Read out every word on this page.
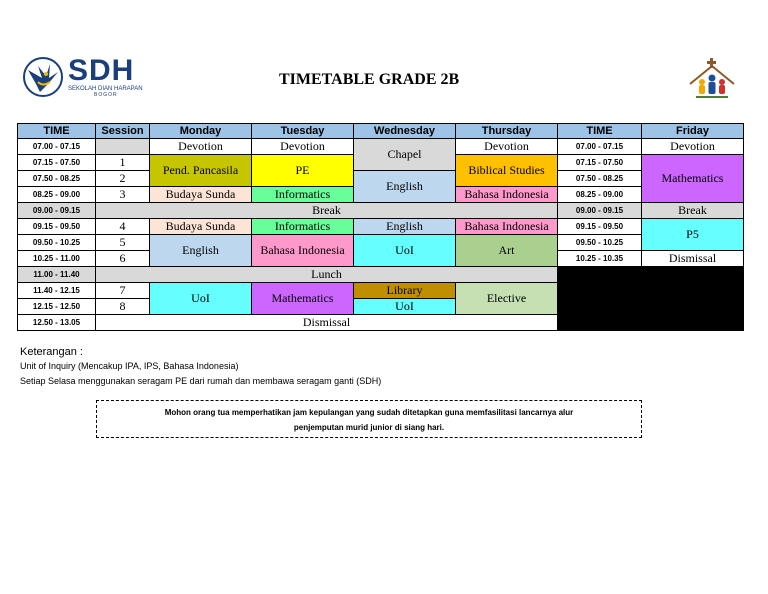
SDH
SEKOLAH DIAN HARAPAN
BOGOR
TIMETABLE GRADE 2B
TIME	Session	Monday	Tuesday	Wednesday	Thursday	TIME	Friday
07.00 - 07.15		Devotion	Devotion	Chapel	Devotion	07.00 - 07.15	Devotion
07.15 - 07.50	1	Pend. Pancasila	PE		Biblical Studies	07.15 - 07.50	Mathematics
07.50 - 08.25	2			English		07.50 - 08.25	
08.25 - 09.00	3	Budaya Sunda	Informatics		Bahasa Indonesia	08.25 - 09.00	
09.00 - 09.15	Break					09.00 - 09.15	Break
09.15 - 09.50	4	Budaya Sunda	Informatics	English	Bahasa Indonesia	09.15 - 09.50	P5
09.50 - 10.25	5	English	Bahasa Indonesia	UoI	Art	09.50 - 10.25	
10.25 - 11.00	6					10.25 - 10.35	Dismissal
11.00 - 11.40	Lunch						
11.40 - 12.15	7	UoI	Mathematics	Library	Elective		
12.15 - 12.50	8			UoI			
12.50 - 13.05	Dismissal						
Keterangan :
Unit of Inquiry (Mencakup IPA, IPS, Bahasa Indonesia)
Setiap Selasa menggunakan seragam PE dari rumah dan membawa seragam ganti (SDH)
Mohon orang tua memperhatikan jam kepulangan yang sudah ditetapkan guna memfasilitasi lancarnya alur
penjemputan murid junior di siang hari.
